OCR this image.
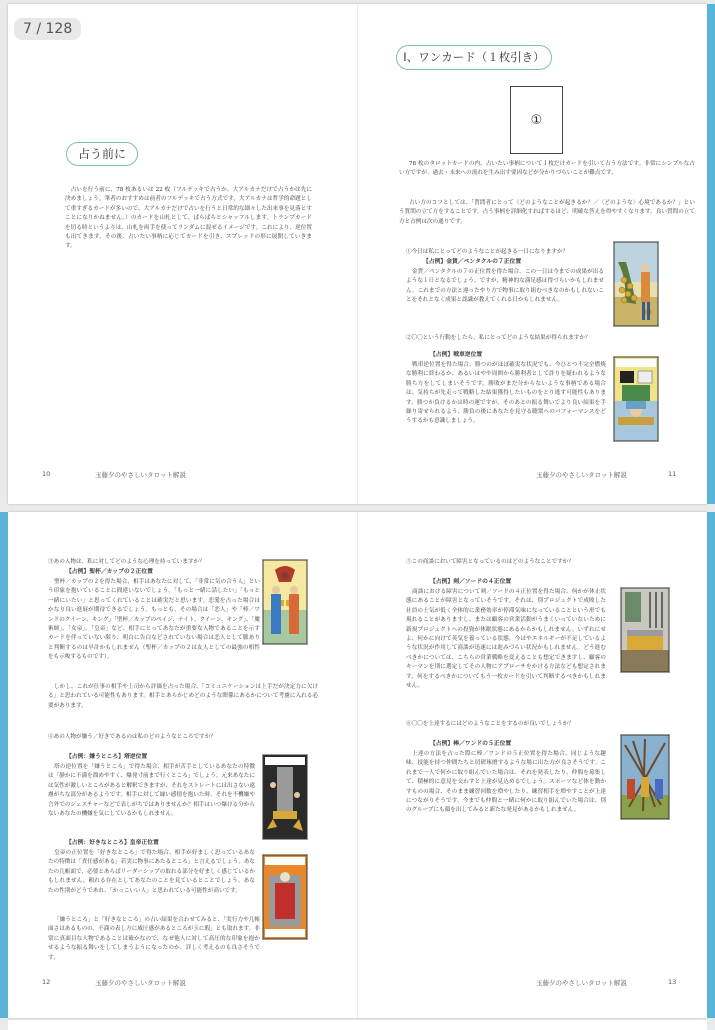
7 / 128
占う前に
　占いを行う前に、78 枚あるいは 22 枚（フルデッキで占うか、大アルカナだけで占うかは先に決めましょう。筆者のおすすめは前者のフルデッキで占う方式です。大アルカナは哲学的命題として重すぎるカードが多いので、大アルカナだけで占いを行うと日常的な細々した出来事を見落とすことになりかねません。）のカードを山札として、ぱらぱらとシャッフルします。トランプカードを切る時というよりは、山札を両手を使ってランダムに混ぜるイメージです。これにより、逆位置も出てきます。その後、占いたい事柄に応じてカードを引き、スプレッドの形に展開していきます。
10	玉藤夕のやさしいタロット解説
Ⅰ、ワンカード（１枚引き）
①
78 枚のタロットカードの内、占いたい事柄について１枚だけカードを引いて占う方法です。非常にシンプルな占い方ですが、過去・未来への流れを生み出す要因などが分かりづらいことが難点です。
占い方のコツとしては、「質問者にとって〈どのようなことが起きるか？／〈どのような〉心境であるか？」という質問の立て方をすることです。占う事柄を詳細化すればするほど、明確な答えを得やすくなります。良い質問の立て方と占例は次の通りです。
①今日は私にとってどのようなことが起きる一日になりますか？
【占例】金貨／ペンタクルの７正位置
金貨／ペンタクルの７の正位置を得た場合、この一日は今までの成果が出るような１日となるでしょう。ですが、精神的な満足感は得づらいかもしれません。これまでの方法と違ったやり方で物事に取り組むべきなのかもしれないことをそれとなく成果と認識が教えてくれる日かもしれません。
②〇〇という行動をしたら、私にとってどのような結果が得られますか？
【占例】戦車逆位置
戦車逆位置を得た場合、勝つのがほぼ確実な状況でも、今ひとつ不完全燃焼な勝利に終わるか、あるいはやや周囲から勝利者として詐りを疑われるような勝ち方をしてしまいそうです。勝敗がまだ分からないような事柄である場合は、気持ちが先走って戦略した結果獲得したいものをとり逃す可能性もあります。勝つか負けるかは時の運ですが、そのあとの振る舞いでより良い結果を手繰り寄せられるよう、勝負の後にあなたを見守る聴衆へのパフォーマンスをどうするかも意識しましょう。
玉藤夕のやさしいタロット解説	11
③あの人物は、私に対してどのような心理を持っていますか？
【占例】聖杯／カップの２正位置
聖杯／カップの２を得た場合、相手はあなたに対して、「非常に気の合う人」という印象を抱いていることに間違いないでしょう。「もっと一緒に話したい」「もっと一緒にいたい」と思ってくれていることは確実だと思います。恋愛を占った場合はかなり良い進展が期待できるでしょう。もっとも、その場合は「恋人」や「棒／ワンドのクイーン、キング」「聖杯／カップのペイジ、ナイト、クイーン、キング」、「魔術師」、「女帝」、「皇帝」など、相手にとってあなたが重要な人物であることを示すカードを伴っていない限り、明白に告白などされていない場合は恋人として脈ありと判断するのは早計かもしれません（聖杯／カップの２は友人としての最強の相性をも示唆するものです）。
しかし、これが仕事の相手や上司から評価を占った場合、「コミュニケーションは上手だが決定力に欠ける」と思われている可能性もあります。相手とあらかじめどのような関係にあるかについて考慮に入れる必要があります。
④あの人物が嫌う／好きであるのは私のどのようなところですか？
【占例：嫌うところ】塔逆位置
塔の逆位置を「嫌うところ」で得た場合、相手が苦手としているあなたの特徴は「静かに不満を溜めやすく、爆発寸前まで行くところ」でしょう。元来あなたには気性が激しいところがあると解釈できますが、それをストレートには出さない遠慮がちな部分があるようです。相手に対して縁い感情を抱いた時、それを不機嫌や言外でのジェスチャーなどで表しがちではありませんか？相手はいつ爆ける分からないあなたの機嫌を気にしているかもしれません。
【占例：好きなところ】皇帝正位置
皇帝の正位置を「好きなところ」で得た場合、相手が好ましく思っているあなたの特徴は「責任感がある」若実に物事にあたるところ」と言えるでしょう。あなたの几帳面で、必要とあらばリーダーシップの取れる部分を好ましく感じているかもしれません。頼れる存在としてあなたのことを見ているとことでしょう。あなたの性別がどうであれ、「かっこいい人」と思われている可能性が高いです。
「嫌うところ」と「好きなところ」の占い結果を合わせてみると、「実行力や几帳面さはあるものの、不満の表し方に威圧感があるところが玉に瑕」とも取れます。非常に真面目な人物であることは確かなので、なぜ他人に対して高圧的な印象を抱かせるような振る舞いをしてしまうようになったのか、詳しく考えるのも良さそうです。
12	玉藤夕のやさしいタロット解説
⑤この商談において障害となっているのはどのようなことですか？
【占例】剣／ソードの４正位置
商談における障害について剣／ソードの４正位置を得た場合、何かが休止状態にあることが障害となっていそうです。それは、別プロジェクトで成敗した社員の士気が低く全体的に業務効率が停滞気味になっていることという形でも現れることがありますし、または顧客の営業活動がうまくいっていないために新規プロジェクトへの投資が休眠状態にあるからかもしれません。いずれにせよ、何かに向けて英気を養っている状態。今はやエネルギーが不足しているような状況が作用して商談が迅速には進みづらい状況かもしれません。どう進むべきかについては、こちらの営業戦略を変えることも想定できますし、顧客のキーマンを別に選定してその人物にアプローチをかける方法なども想定されます。何をするべきかについてもう一枚カードを引いて判断するべきかもしれません。
⑥〇〇を上達するにはどのようなことをするのが良いでしょうか？
【占例】棒／ワンドの５正位置
上達の方法を占った際に棒／ワンドの５正位置を得た場合、同じような趣味、技能を持つ仲間たちと切磋琢磨するような場に出た方が良さそうです。これまで一人で何かに取り組んでいた場合は、それを発表したり、仲間を募集して、積極的に意見を交わすと上達が見込めるでしょう。スポーツなど体を動かすものの場合、そのまま練習回数を増やしたり、練習相手を増やすことが上達につながりそうです。今までも仲間と一緒に何かに取り組んでいた場合は、別のグループにも顔を出してみると新たな発見があるかもしれません。
玉藤夕のやさしいタロット解説	13
